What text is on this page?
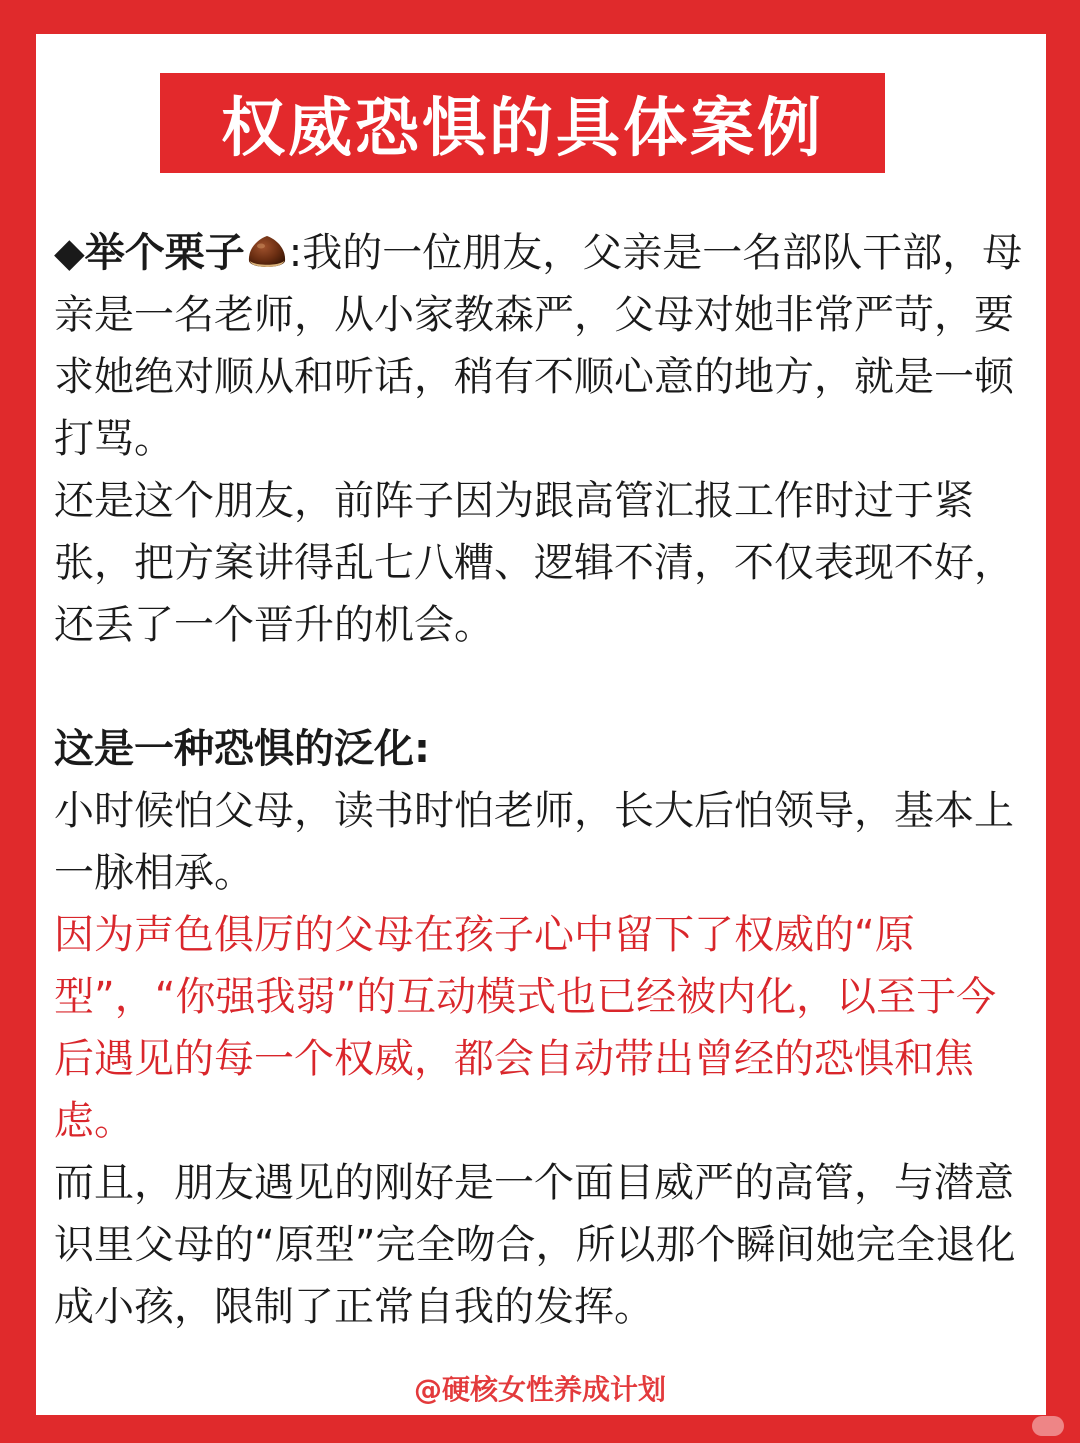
权威恐惧的具体案例

◆举个栗子 :我的一位朋友，父亲是一名部队干部，母亲是一名老师，从小家教森严，父母对她非常严苛，要求她绝对顺从和听话，稍有不顺心意的地方，就是一顿打骂。

还是这个朋友，前阵子因为跟高管汇报工作时过于紧张，把方案讲得乱七八糟、逻辑不清，不仅表现不好，还丢了一个晋升的机会。

这是一种恐惧的泛化:

小时候怕父母，读书时怕老师，长大后怕领导，基本上一脉相承。

因为声色俱厉的父母在孩子心中留下了权威的“原型”，“你强我弱”的互动模式也已经被内化，以至于今后遇见的每一个权威，都会自动带出曾经的恐惧和焦虑。

而且，朋友遇见的刚好是一个面目威严的高管，与潜意识里父母的“原型”完全吻合，所以那个瞬间她完全退化成小孩，限制了正常自我的发挥。

@硬核女性养成计划
